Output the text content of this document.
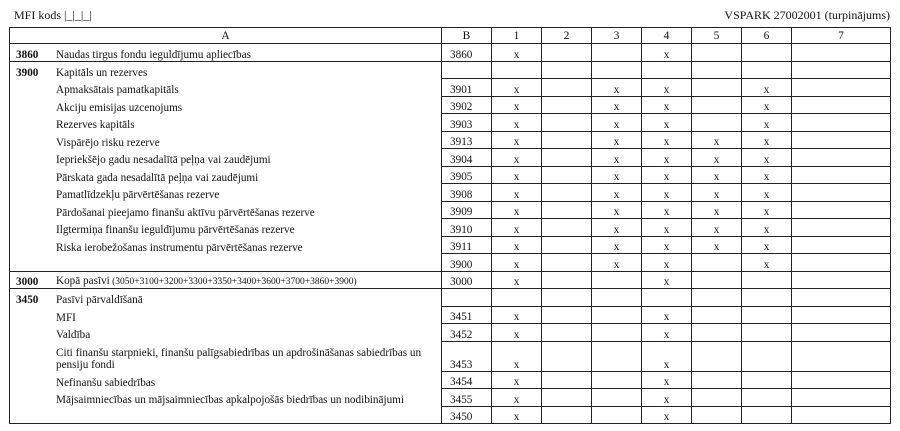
MFI kods |_|_|_|	VSPARK 27002001 (turpinājums)
A	B	1	2	3	4	5	6	7

3860 Naudas tirgus fondu ieguldījumu apliecības	3860	x			x			

3900 Kapitāls un rezerves								

Apmaksātais pamatkapitāls	3901	x		x	x		x	

Akciju emisijas uzcenojums	3902	x		x	x		x	

Rezerves kapitāls	3903	x		x	x		x	

Vispārējo risku rezerve	3913	x		x	x	x	x	

Iepriekšējo gadu nesadalītā peļņa vai zaudējumi	3904	x		x	x	x	x	

Pārskata gada nesadalītā peļņa vai zaudējumi	3905	x		x	x	x	x	

Pamatlīdzekļu pārvērtēšanas rezerve	3908	x		x	x	x	x	

Pārdošanai pieejamo finanšu aktīvu pārvērtēšanas rezerve	3909	x		x	x	x	x	

Ilgtermiņa finanšu ieguldījumu pārvērtēšanas rezerve	3910	x		x	x	x	x	

Riska ierobežošanas instrumentu pārvērtēšanas rezerve	3911	x		x	x	x	x	

	3900	x		x	x		x	

3000 Kopā pasīvi (3050+3100+3200+3300+3350+3400+3600+3700+3860+3900)	3000	x			x			

3450 Pasīvi pārvaldīšanā								

MFI	3451	x			x			

Valdība	3452	x			x			

Citi finanšu starpnieki, finanšu palīgsabiedrības un apdrošināšanas sabiedrības un pensiju fondi	3453	x			x			

Nefinanšu sabiedrības	3454	x			x			

Mājsaimniecības un mājsaimniecības apkalpojošās biedrības un nodibinājumi	3455	x			x			

	3450	x			x			
